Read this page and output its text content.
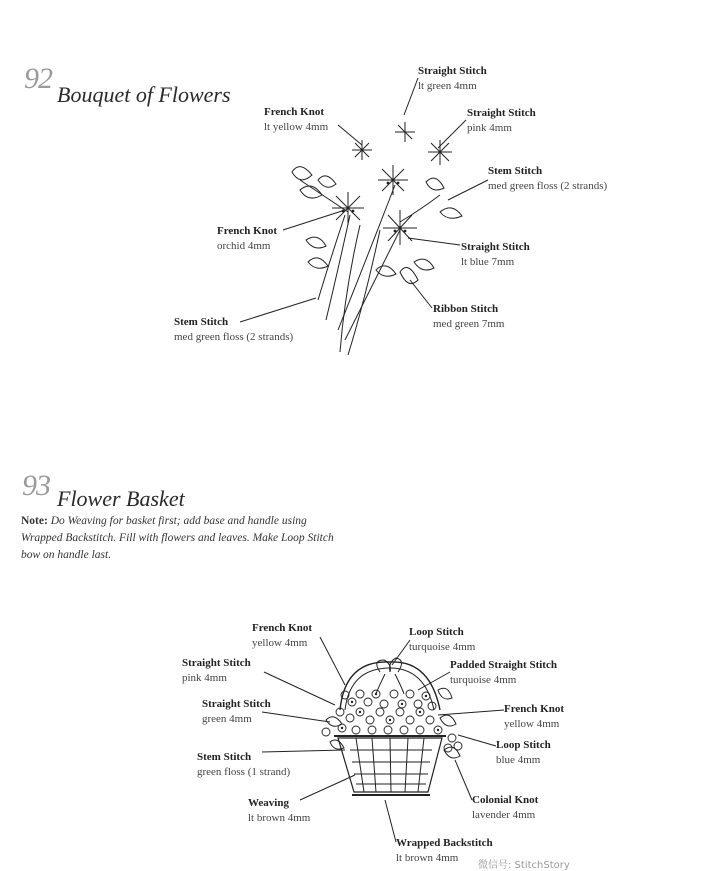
92 Bouquet of Flowers
Straight Stitch
lt green 4mm
French Knot
lt yellow 4mm
Straight Stitch
pink 4mm
Stem Stitch
med green floss (2 strands)
French Knot
orchid 4mm	Straight Stitch
lt blue 7mm
Ribbon Stitch
med green 7mm
Stem Stitch
med green floss (2 strands)
93 Flower Basket
Note: Do Weaving for basket first; add base and handle using Wrapped Backstitch. Fill with flowers and leaves. Make Loop Stitch bow on handle last.
French Knot
yellow 4mm
Loop Stitch
turquoise 4mm
Straight Stitch
pink 4mm
Padded Straight Stitch
turquoise 4mm
Straight Stitch
green 4mm
French Knot
yellow 4mm
Loop Stitch
blue 4mm
Stem Stitch
green floss (1 strand)
Colonial Knot
lavender 4mm
Weaving
lt brown 4mm
Wrapped Backstitch
lt brown 4mm
微信号: StitchStory
